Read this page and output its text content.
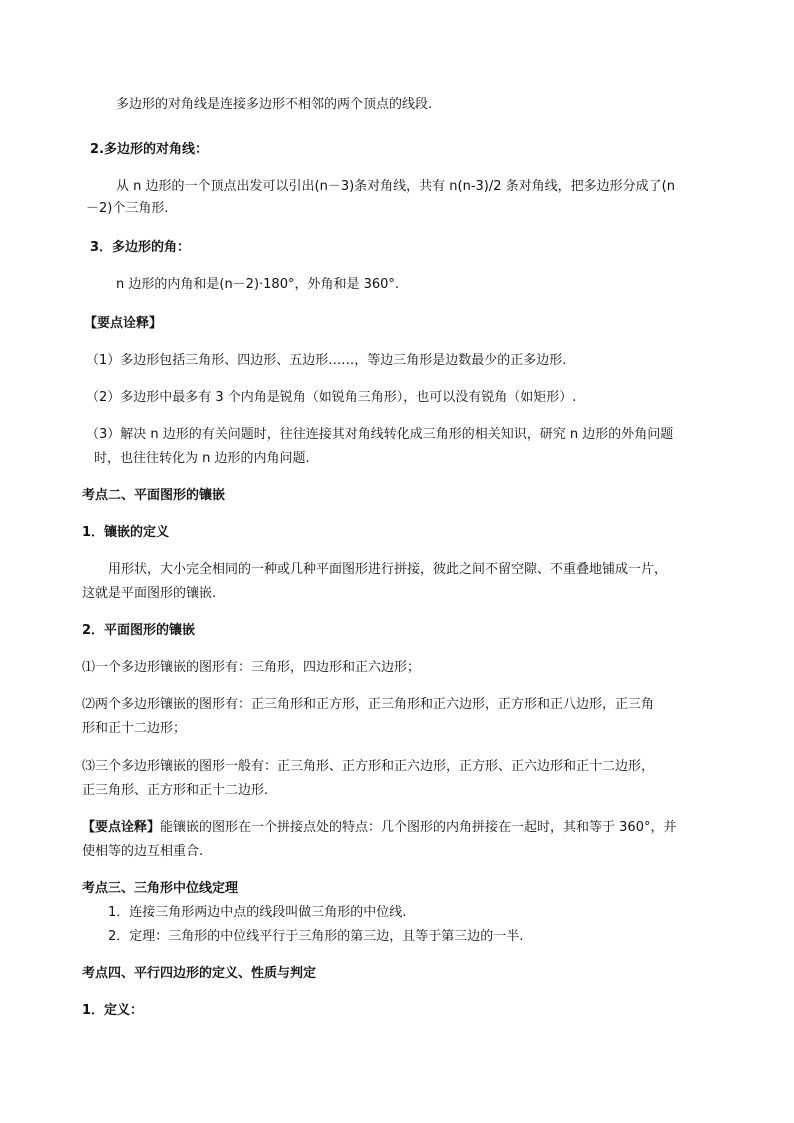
多边形的对角线是连接多边形不相邻的两个顶点的线段.
2.多边形的对角线：
从 n 边形的一个顶点出发可以引出(n－3)条对角线，共有 n(n-3)/2 条对角线，把多边形分成了(n
－2)个三角形.
3．多边形的角：
n 边形的内角和是(n－2)·180°，外角和是 360°.
【要点诠释】
（1）多边形包括三角形、四边形、五边形……，等边三角形是边数最少的正多边形.
（2）多边形中最多有 3 个内角是锐角（如锐角三角形），也可以没有锐角（如矩形）.
（3）解决 n 边形的有关问题时，往往连接其对角线转化成三角形的相关知识，研究 n 边形的外角问题
时，也往往转化为 n 边形的内角问题.
考点二、平面图形的镶嵌
1．镶嵌的定义
用形状，大小完全相同的一种或几种平面图形进行拼接，彼此之间不留空隙、不重叠地铺成一片，
这就是平面图形的镶嵌.
2．平面图形的镶嵌
⑴一个多边形镶嵌的图形有：三角形，四边形和正六边形；
⑵两个多边形镶嵌的图形有：正三角形和正方形，正三角形和正六边形，正方形和正八边形，正三角
形和正十二边形；
⑶三个多边形镶嵌的图形一般有：正三角形、正方形和正六边形，正方形、正六边形和正十二边形，
正三角形、正方形和正十二边形.
【要点诠释】能镶嵌的图形在一个拼接点处的特点：几个图形的内角拼接在一起时，其和等于 360°，并
使相等的边互相重合.
考点三、三角形中位线定理
1．连接三角形两边中点的线段叫做三角形的中位线.
2．定理：三角形的中位线平行于三角形的第三边，且等于第三边的一半.
考点四、平行四边形的定义、性质与判定
1．定义：
